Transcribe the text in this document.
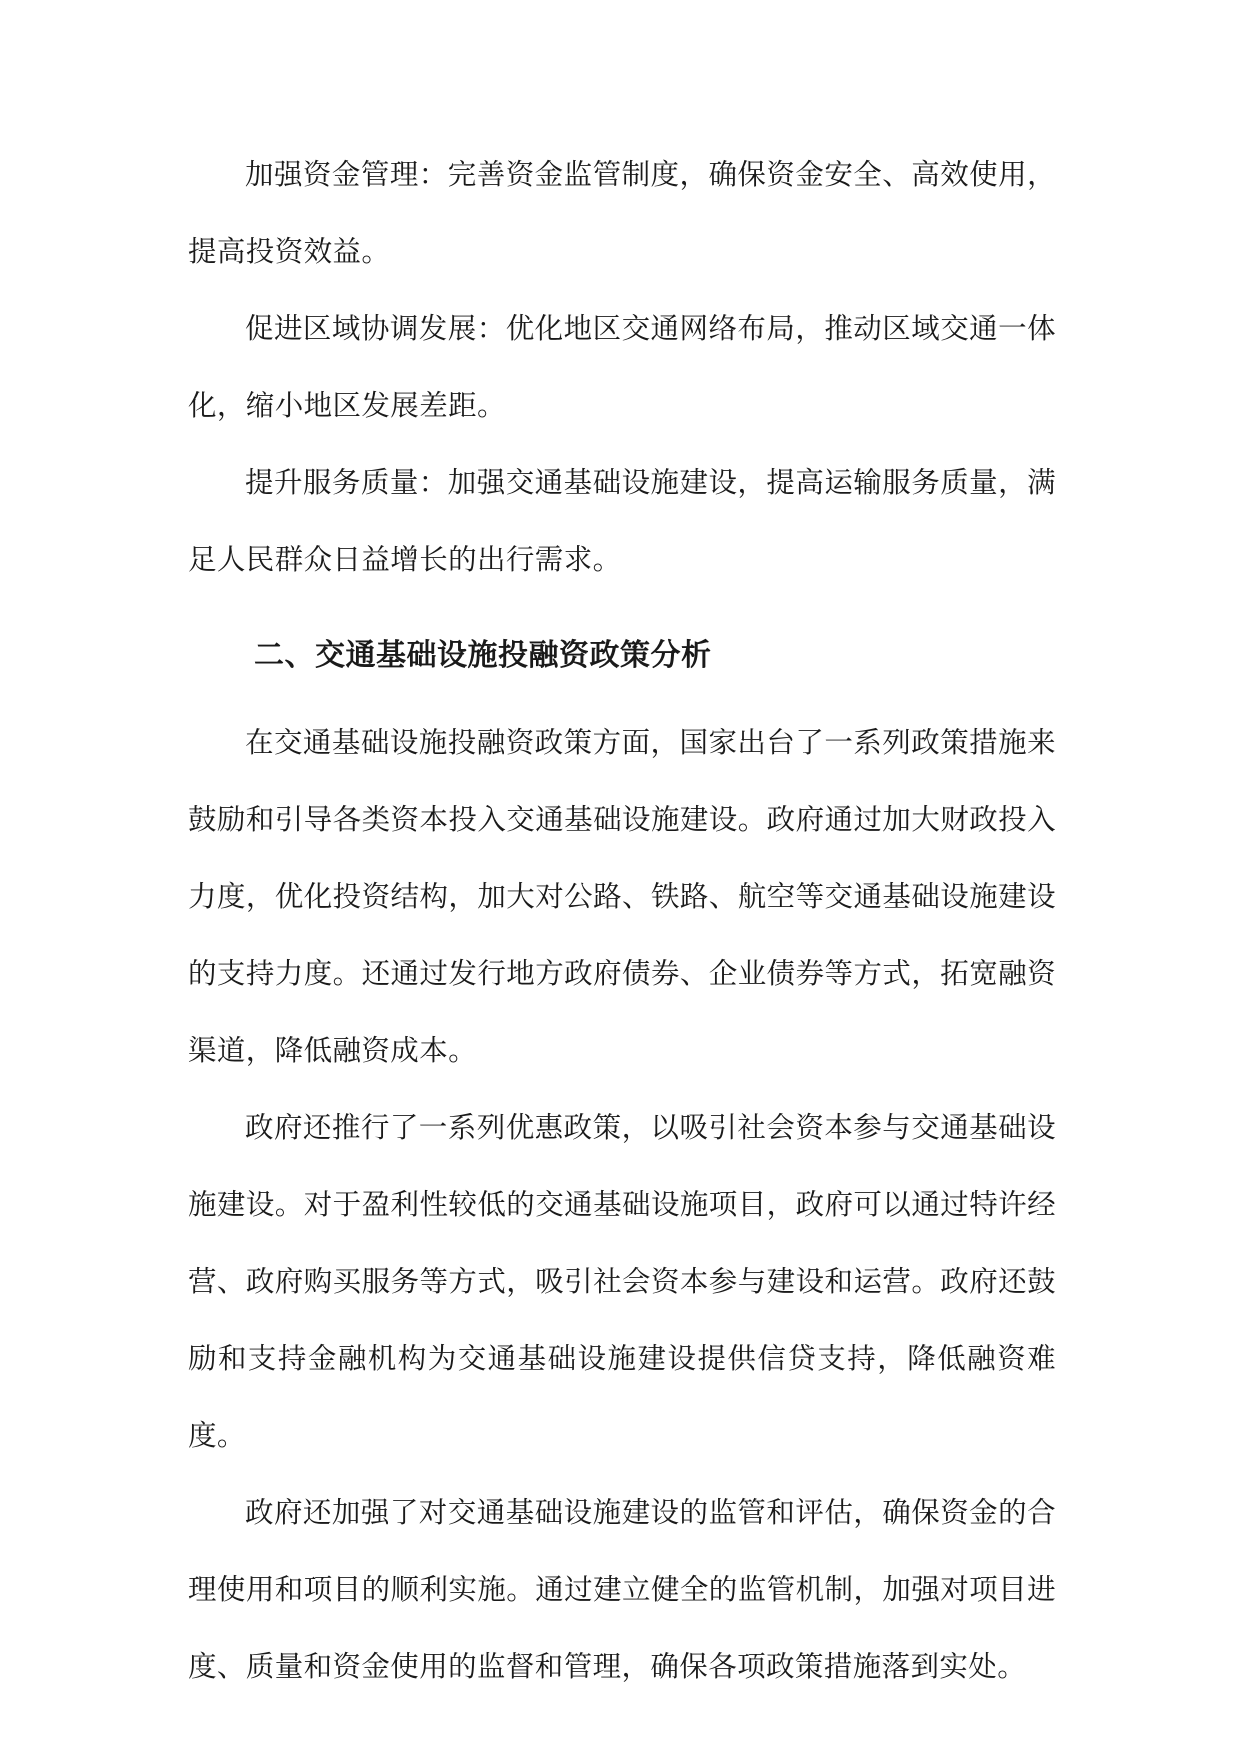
加强资金管理：完善资金监管制度，确保资金安全、高效使用，提高投资效益。

促进区域协调发展：优化地区交通网络布局，推动区域交通一体化，缩小地区发展差距。

提升服务质量：加强交通基础设施建设，提高运输服务质量，满足人民群众日益增长的出行需求。

二、交通基础设施投融资政策分析

在交通基础设施投融资政策方面，国家出台了一系列政策措施来鼓励和引导各类资本投入交通基础设施建设。政府通过加大财政投入力度，优化投资结构，加大对公路、铁路、航空等交通基础设施建设的支持力度。还通过发行地方政府债券、企业债券等方式，拓宽融资渠道，降低融资成本。

政府还推行了一系列优惠政策，以吸引社会资本参与交通基础设施建设。对于盈利性较低的交通基础设施项目，政府可以通过特许经营、政府购买服务等方式，吸引社会资本参与建设和运营。政府还鼓励和支持金融机构为交通基础设施建设提供信贷支持，降低融资难度。

政府还加强了对交通基础设施建设的监管和评估，确保资金的合理使用和项目的顺利实施。通过建立健全的监管机制，加强对项目进度、质量和资金使用的监督和管理，确保各项政策措施落到实处。
